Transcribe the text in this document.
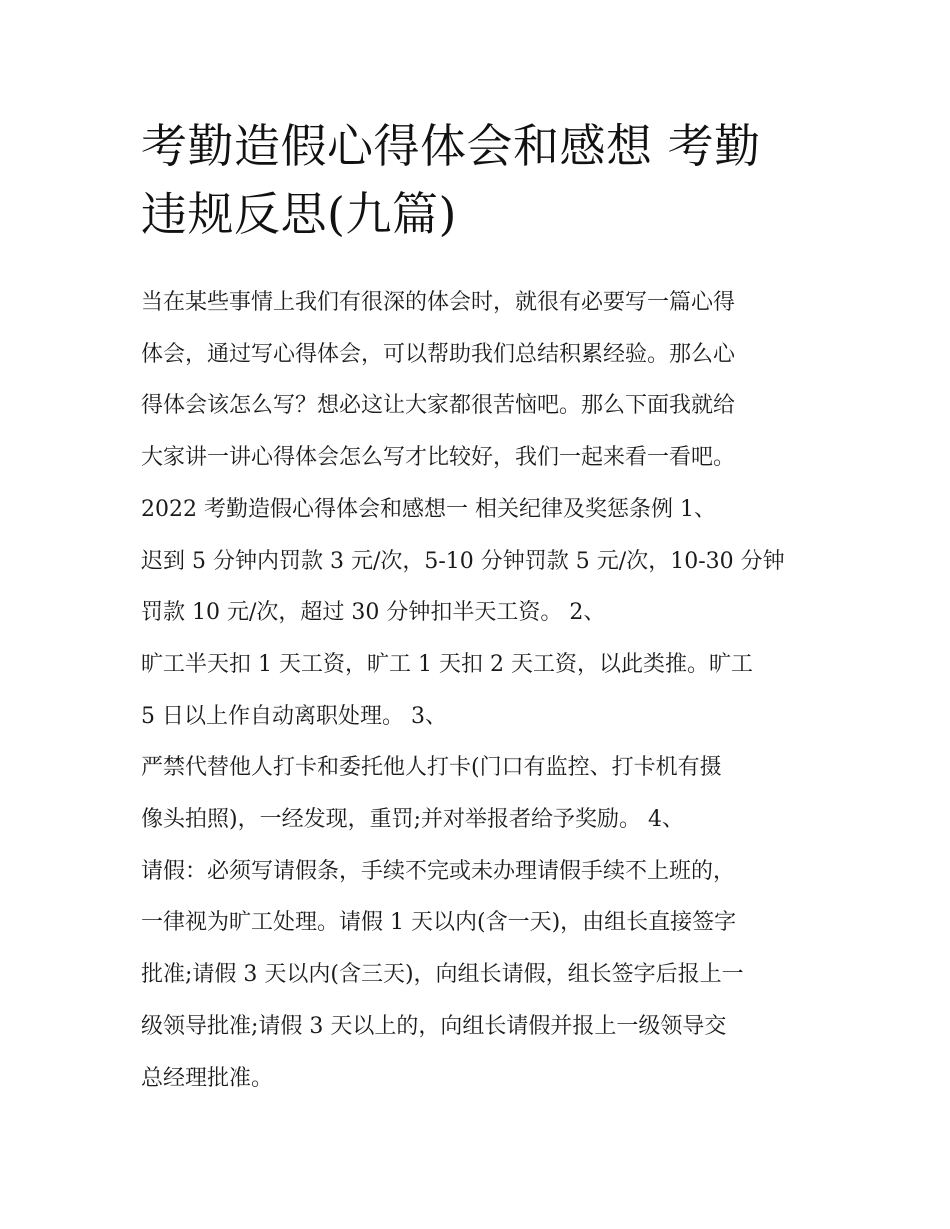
考勤造假心得体会和感想 考勤
违规反思(九篇)
当在某些事情上我们有很深的体会时，就很有必要写一篇心得
体会，通过写心得体会，可以帮助我们总结积累经验。那么心
得体会该怎么写？想必这让大家都很苦恼吧。那么下面我就给
大家讲一讲心得体会怎么写才比较好，我们一起来看一看吧。
2022 考勤造假心得体会和感想一 相关纪律及奖惩条例 1、
迟到 5 分钟内罚款 3 元/次，5-10 分钟罚款 5 元/次，10-30 分钟
罚款 10 元/次，超过 30 分钟扣半天工资。 2、
旷工半天扣 1 天工资，旷工 1 天扣 2 天工资，以此类推。旷工
5 日以上作自动离职处理。 3、
严禁代替他人打卡和委托他人打卡(门口有监控、打卡机有摄
像头拍照)，一经发现，重罚;并对举报者给予奖励。 4、
请假：必须写请假条，手续不完或未办理请假手续不上班的，
一律视为旷工处理。请假 1 天以内(含一天)，由组长直接签字
批准;请假 3 天以内(含三天)，向组长请假，组长签字后报上一
级领导批准;请假 3 天以上的，向组长请假并报上一级领导交
总经理批准。
